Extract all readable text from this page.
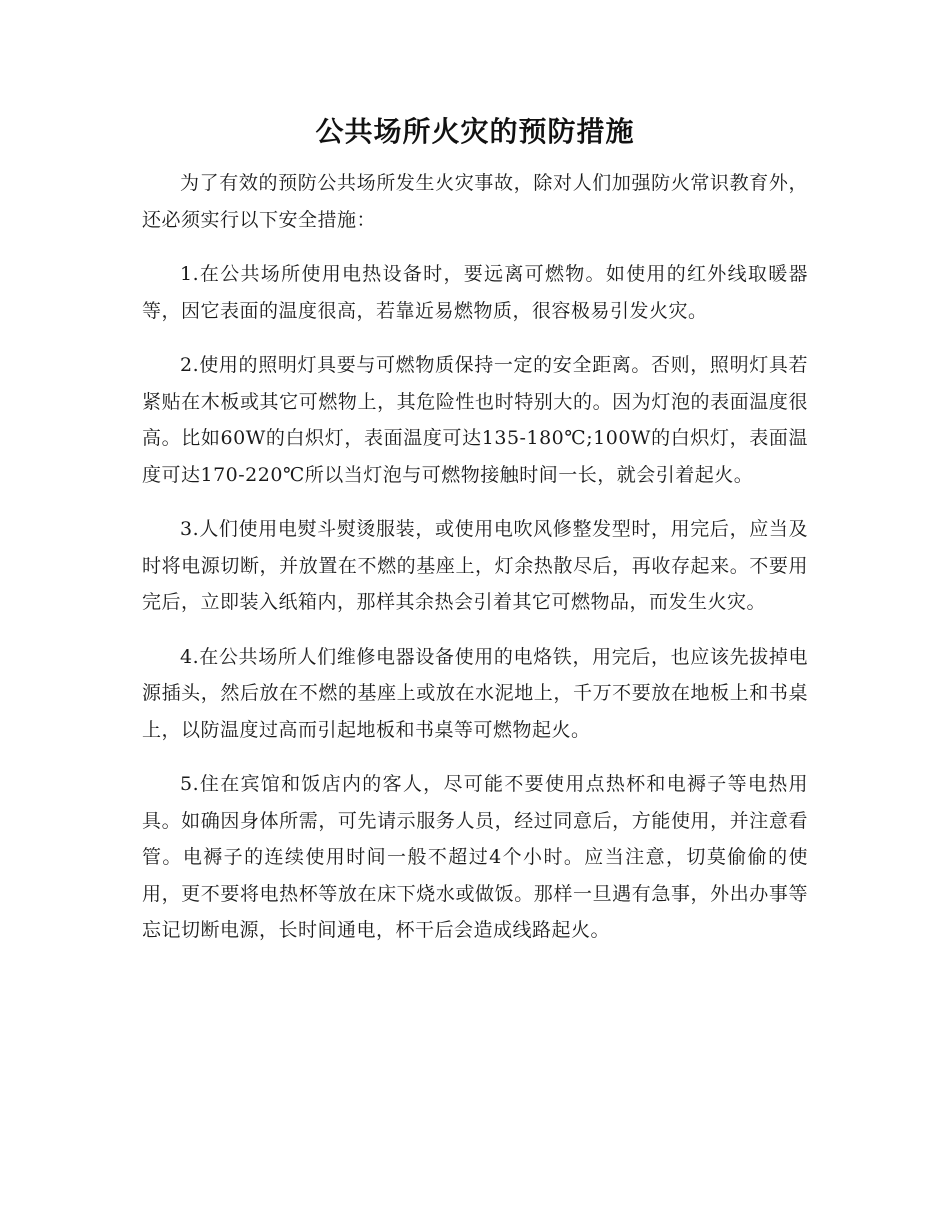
公共场所火灾的预防措施

为了有效的预防公共场所发生火灾事故，除对人们加强防火常识教育外，还必须实行以下安全措施：

1.在公共场所使用电热设备时，要远离可燃物。如使用的红外线取暖器等，因它表面的温度很高，若靠近易燃物质，很容极易引发火灾。

2.使用的照明灯具要与可燃物质保持一定的安全距离。否则，照明灯具若紧贴在木板或其它可燃物上，其危险性也时特别大的。因为灯泡的表面温度很高。比如60W的白炽灯，表面温度可达135-180℃;100W的白炽灯，表面温度可达170-220℃所以当灯泡与可燃物接触时间一长，就会引着起火。

3.人们使用电熨斗熨烫服装，或使用电吹风修整发型时，用完后，应当及时将电源切断，并放置在不燃的基座上，灯余热散尽后，再收存起来。不要用完后，立即装入纸箱内，那样其余热会引着其它可燃物品，而发生火灾。

4.在公共场所人们维修电器设备使用的电烙铁，用完后，也应该先拔掉电源插头，然后放在不燃的基座上或放在水泥地上，千万不要放在地板上和书桌上，以防温度过高而引起地板和书桌等可燃物起火。

5.住在宾馆和饭店内的客人，尽可能不要使用点热杯和电褥子等电热用具。如确因身体所需，可先请示服务人员，经过同意后，方能使用，并注意看管。电褥子的连续使用时间一般不超过4个小时。应当注意，切莫偷偷的使用，更不要将电热杯等放在床下烧水或做饭。那样一旦遇有急事，外出办事等忘记切断电源，长时间通电，杯干后会造成线路起火。
